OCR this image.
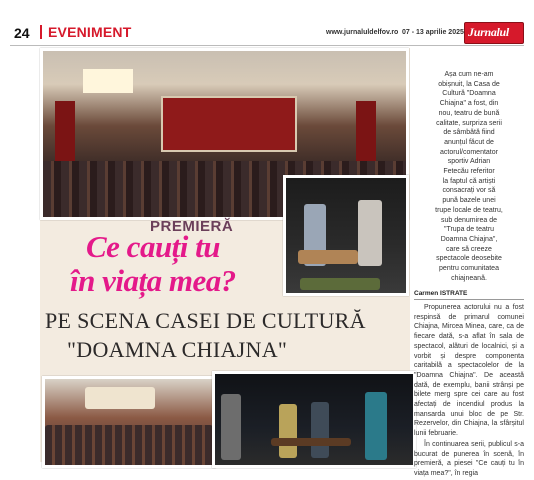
24 EVENIMENT	www.jurnaluldelfov.ro 07 - 13 aprilie 2025 Jurnalul
PREMIERĂ
Ce cauți tu
în viața mea?
PE SCENA CASEI DE CULTURĂ
"DOAMNA CHIAJNA"

Așa cum ne-am

obișnuit, la Casa de

Cultură "Doamna

Chiajna" a fost, din

nou, teatru de bună

calitate, surpriza serii

de sâmbătă fiind

anunțul făcut de

actorul/comentator

sportiv Adrian

Fetecău referitor

la faptul că artiști

consacrați vor să

pună bazele unei

trupe locale de teatru,

sub denumirea de

"Trupa de teatru

Doamna Chiajna",

care să creeze

spectacole deosebite

pentru comunitatea

chiajneană.

Carmen ISTRATE

Propunerea actorului nu a fost respinsă de primarul comunei Chiajna, Mircea Minea, care, ca de fiecare dată, s-a aflat în sala de spectacol, alături de localnici, și a vorbit și despre componenta caritabilă a spectacolelor de la "Doamna Chiajna". De această dată, de exemplu, banii strânși pe bilete merg spre cei care au fost afectați de incendiul produs la mansarda unui bloc de pe Str. Rezervelor, din Chiajna, la sfârșitul lunii februarie.

În continuarea serii, publicul s-a bucurat de punerea în scenă, în premieră, a piesei "Ce cauți tu în viața mea?", în regia
